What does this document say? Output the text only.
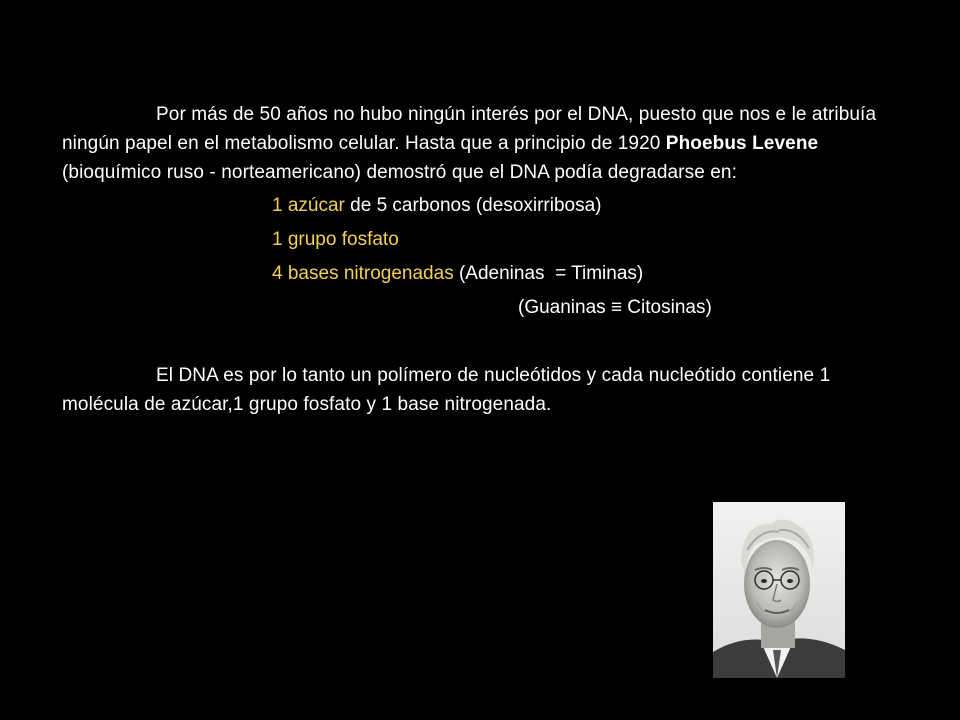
Por más de 50 años no hubo ningún interés por el DNA, puesto que nos e le atribuía ningún papel en el metabolismo celular. Hasta que a principio de 1920 Phoebus Levene (bioquímico ruso - norteamericano) demostró que el DNA podía degradarse en:

1 azúcar de 5 carbonos (desoxirribosa)

1 grupo fosfato

4 bases nitrogenadas (Adeninas  = Timinas)

(Guaninas ≡ Citosinas)

El DNA es por lo tanto un polímero de nucleótidos y cada nucleótido contiene 1 molécula de azúcar,1 grupo fosfato y 1 base nitrogenada.
